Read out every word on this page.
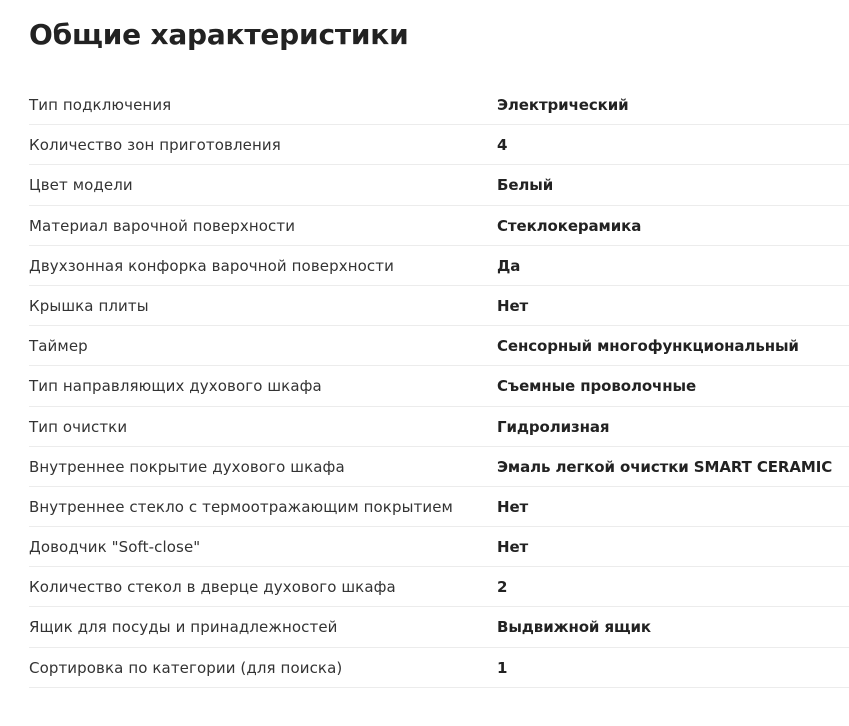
Общие характеристики
Тип подключения	Электрический
Количество зон приготовления	4
Цвет модели	Белый
Материал варочной поверхности	Стеклокерамика
Двухзонная конфорка варочной поверхности	Да
Крышка плиты	Нет
Таймер	Сенсорный многофункциональный
Тип направляющих духового шкафа	Съемные проволочные
Тип очистки	Гидролизная
Внутреннее покрытие духового шкафа	Эмаль легкой очистки SMART CERAMIC
Внутреннее стекло с термоотражающим покрытием	Нет
Доводчик "Soft-close"	Нет
Количество стекол в дверце духового шкафа	2
Ящик для посуды и принадлежностей	Выдвижной ящик
Сортировка по категории (для поиска)	1
